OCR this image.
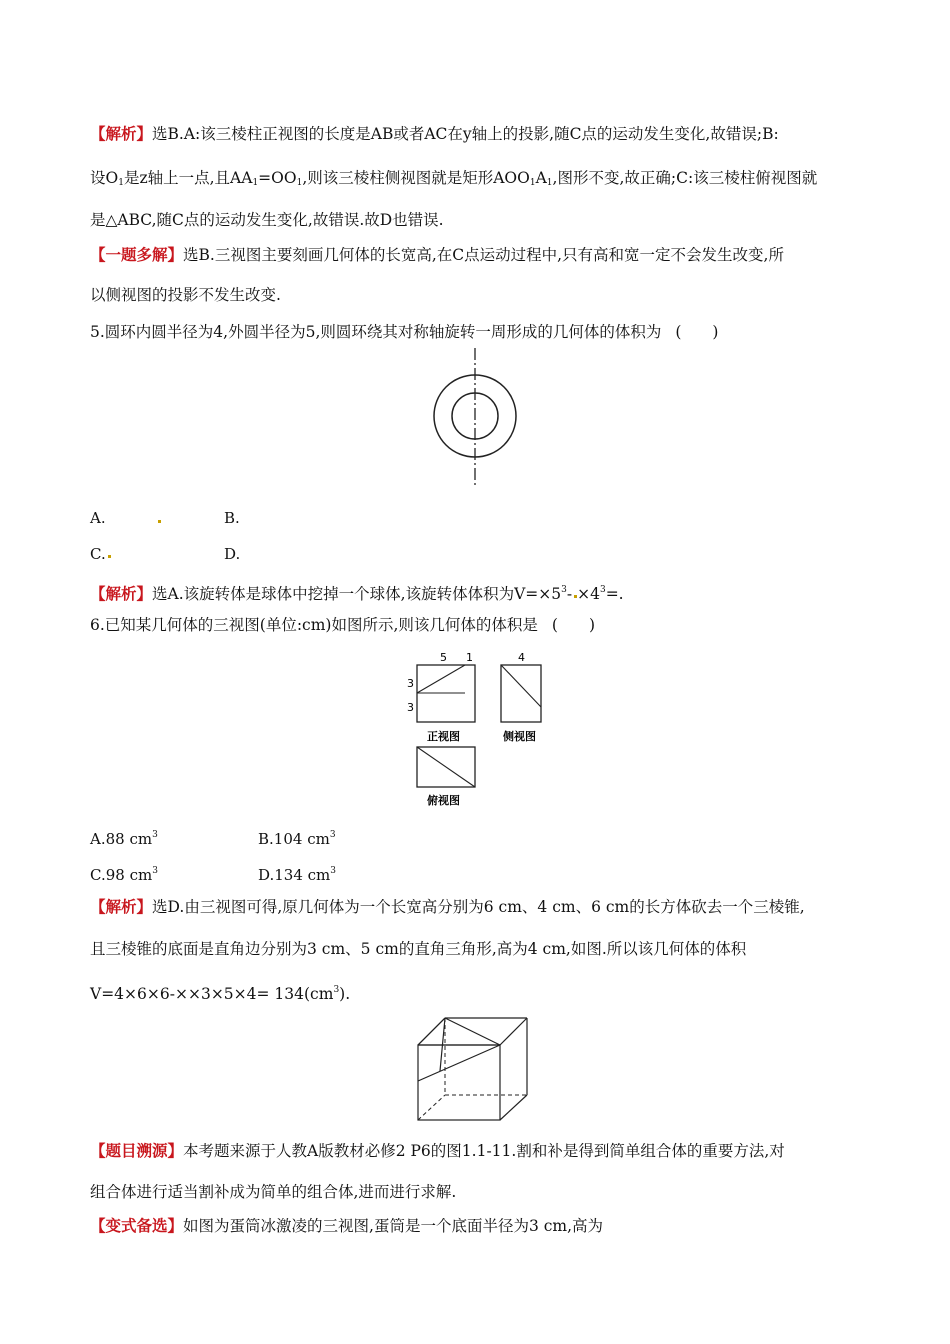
【解析】选B.A:该三棱柱正视图的长度是AB或者AC在y轴上的投影,随C点的运动发生变化,故错误;B:
设$O_1$是z轴上一点,且$AA_1=OO_1$,则该三棱柱侧视图就是矩形$AOO_1A_1$,图形不变,故正确;C:该三棱柱俯视图就
是△ABC,随C点的运动发生变化,故错误.故D也错误.
【一题多解】选B.三视图主要刻画几何体的长宽高,在C点运动过程中,只有高和宽一定不会发生改变,所
以侧视图的投影不发生改变.
5.圆环内圆半径为4,外圆半径为5,则圆环绕其对称轴旋转一周形成的几何体的体积为 (　　)
A.	B.
C.	D.
【解析】选A.该旋转体是球体中挖掉一个球体,该旋转体体积为$V=\times 5^3- \times 4^3=$.
6.已知某几何体的三视图(单位:cm)如图所示,则该几何体的体积是 (　　)
5 1	4
3
3
正视图	侧视图
俯视图
A.88 $cm^3$	B.104 $cm^3$
C.98 $cm^3$	D.134 $cm^3$
【解析】选D.由三视图可得,原几何体为一个长宽高分别为6 cm、4 cm、6 cm的长方体砍去一个三棱锥,
且三棱锥的底面是直角边分别为3 cm、5 cm的直角三角形,高为4 cm,如图.所以该几何体的体积
$V=4\times 6\times 6-\times\times 3\times 5\times 4= 134(cm^3)$.
【题目溯源】本考题来源于人教A版教材必修2 P6的图1.1-11.割和补是得到简单组合体的重要方法,对
组合体进行适当割补成为简单的组合体,进而进行求解.
【变式备选】如图为蛋筒冰激凌的三视图,蛋筒是一个底面半径为3 cm,高为
